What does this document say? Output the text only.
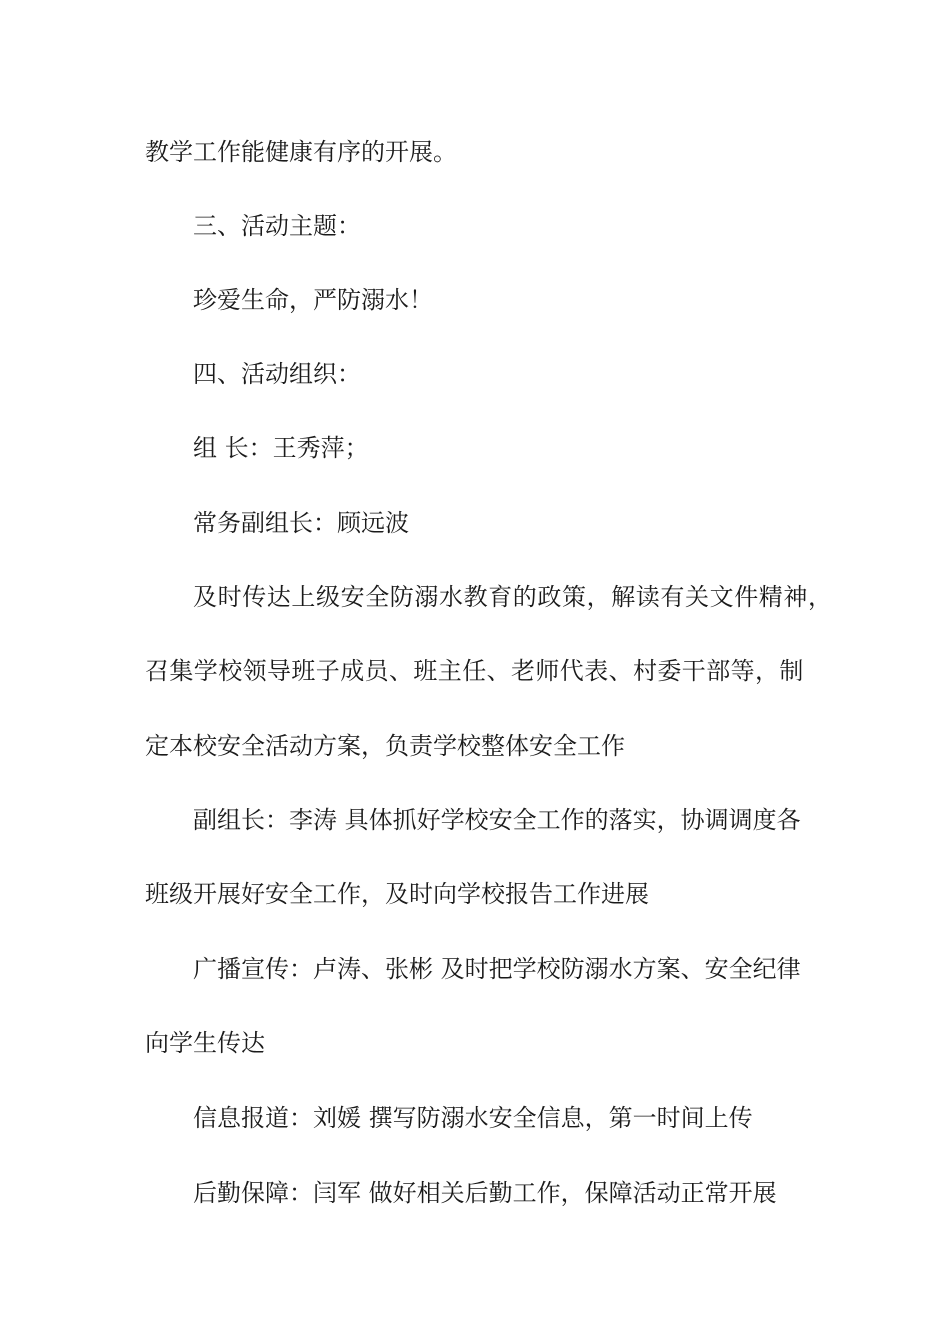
教学工作能健康有序的开展。

三、活动主题：

珍爱生命，严防溺水！

四、活动组织：

组 长：王秀萍；

常务副组长：顾远波

及时传达上级安全防溺水教育的政策，解读有关文件精神，

召集学校领导班子成员、班主任、老师代表、村委干部等，制

定本校安全活动方案，负责学校整体安全工作

副组长：李涛 具体抓好学校安全工作的落实，协调调度各

班级开展好安全工作，及时向学校报告工作进展

广播宣传：卢涛、张彬 及时把学校防溺水方案、安全纪律

向学生传达

信息报道：刘媛 撰写防溺水安全信息，第一时间上传

后勤保障：闫军 做好相关后勤工作，保障活动正常开展
